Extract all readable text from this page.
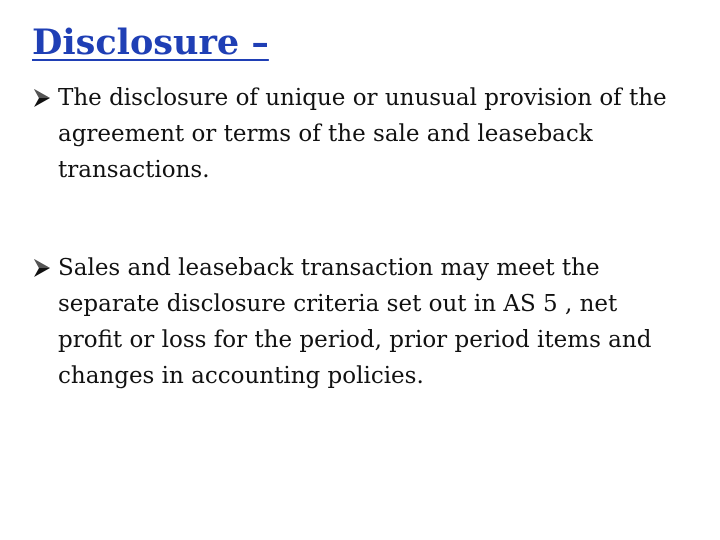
Disclosure –
The disclosure of unique or unusual provision of the agreement or terms of the sale and leaseback transactions.
Sales and leaseback transaction may meet the separate disclosure criteria set out in AS 5 , net profit or loss for the period, prior period items and changes in accounting policies.
